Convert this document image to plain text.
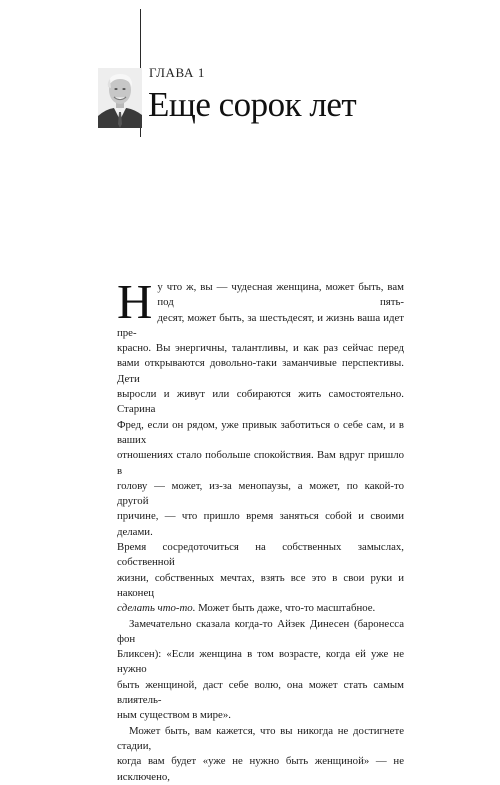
ГЛАВА 1
Еще сорок лет
Н у что ж, вы — чудесная женщина, может быть, вам под пять-

десят, может быть, за шестьдесят, и жизнь ваша идет пре-

красно. Вы энергичны, талантливы, и как раз сейчас перед

вами открываются довольно-таки заманчивые перспективы. Дети

выросли и живут или собираются жить самостоятельно. Старина

Фред, если он рядом, уже привык заботиться о себе сам, и в ваших

отношениях стало побольше спокойствия. Вам вдруг пришло в

голову — может, из-за менопаузы, а может, по какой-то другой

причине, — что пришло время заняться собой и своими делами.

Время сосредоточиться на собственных замыслах, собственной

жизни, собственных мечтах, взять все это в свои руки и наконец

сделать что-то. Может быть даже, что-то масштабное.

Замечательно сказала когда-то Айзек Динесен (баронесса фон

Бликсен): «Если женщина в том возрасте, когда ей уже не нужно

быть женщиной, даст себе волю, она может стать самым влиятель-

ным существом в мире».

Может быть, вам кажется, что вы никогда не достигнете стадии,

когда вам будет «уже не нужно быть женщиной» — не исключено,
